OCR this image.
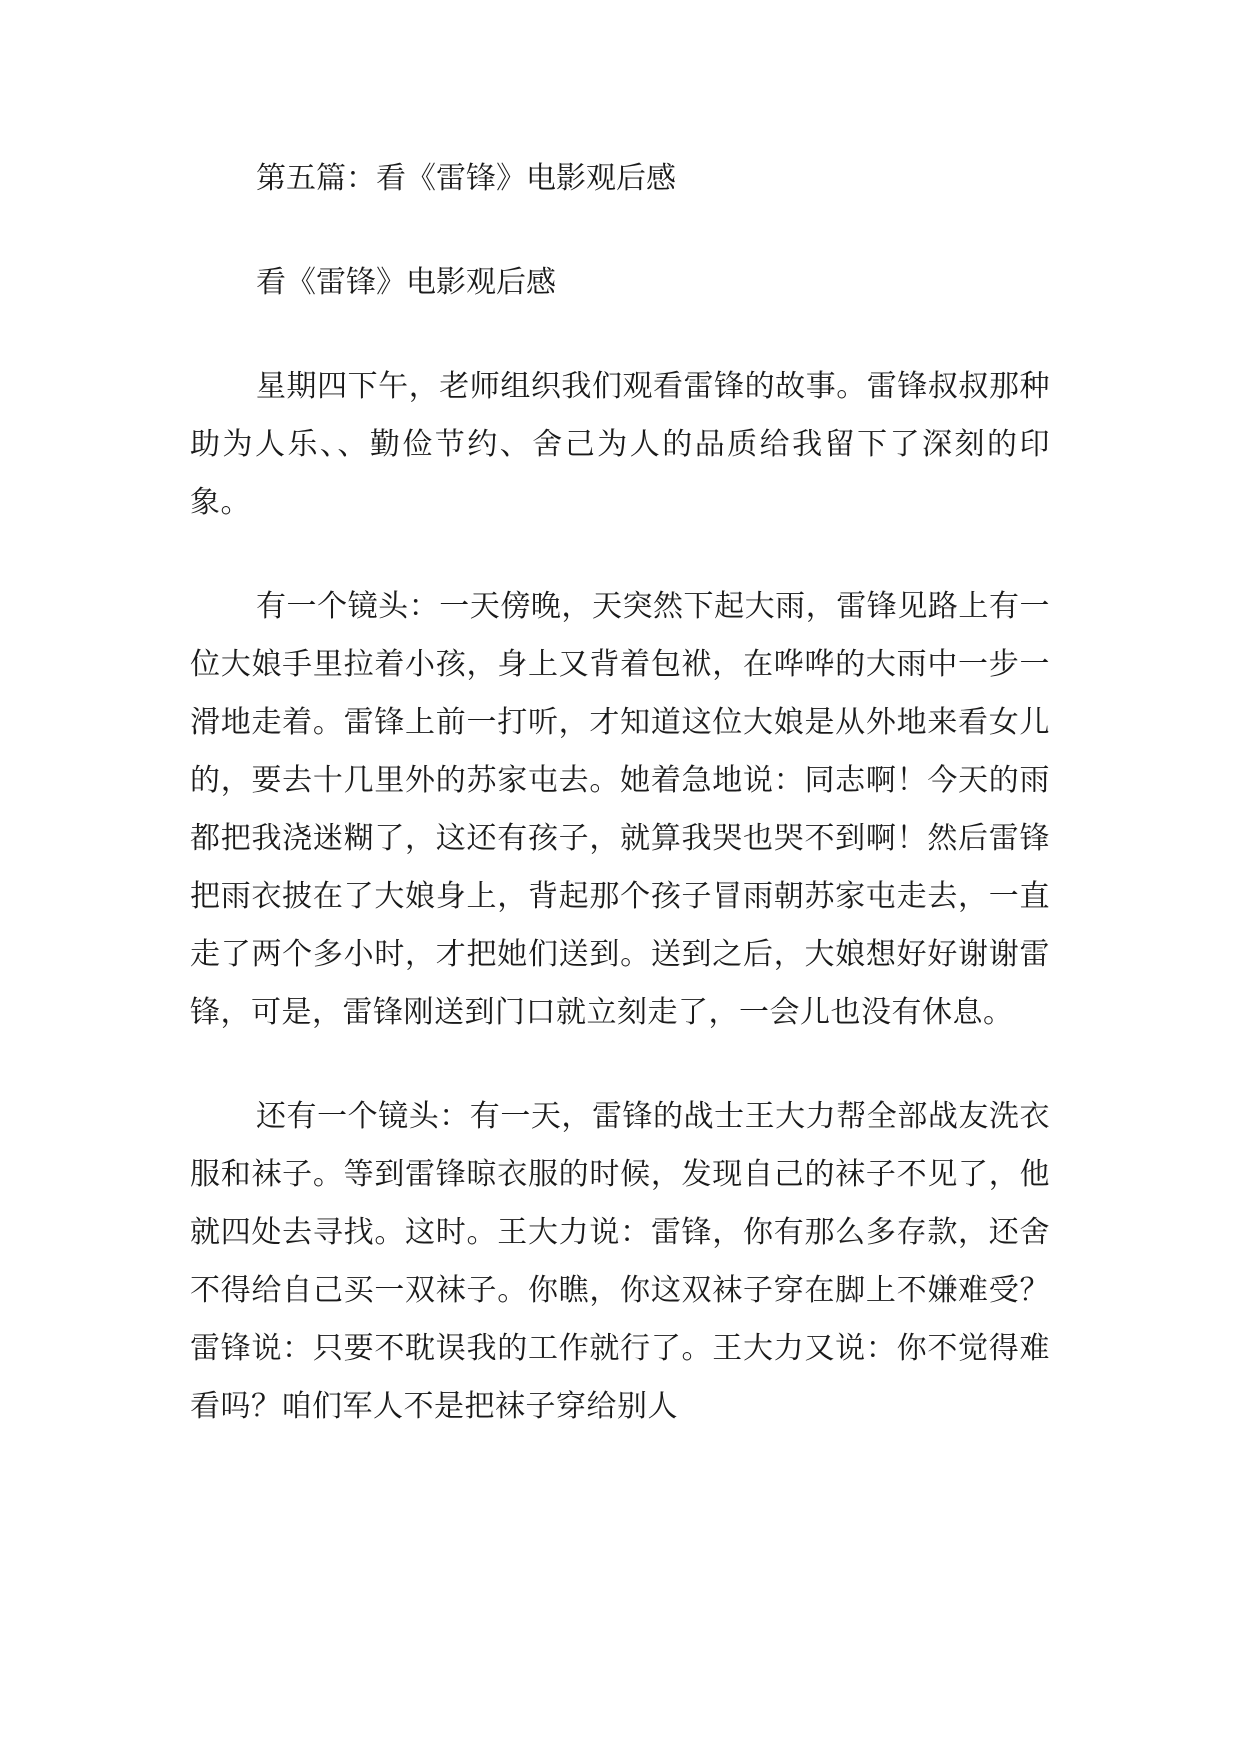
第五篇：看《雷锋》电影观后感
看《雷锋》电影观后感

星期四下午，老师组织我们观看雷锋的故事。雷锋叔叔那种助为人乐、、勤俭节约、舍己为人的品质给我留下了深刻的印象。

有一个镜头：一天傍晚，天突然下起大雨，雷锋见路上有一位大娘手里拉着小孩，身上又背着包袱，在哗哗的大雨中一步一滑地走着。雷锋上前一打听，才知道这位大娘是从外地来看女儿的，要去十几里外的苏家屯去。她着急地说：同志啊！今天的雨都把我浇迷糊了，这还有孩子，就算我哭也哭不到啊！然后雷锋把雨衣披在了大娘身上，背起那个孩子冒雨朝苏家屯走去，一直走了两个多小时，才把她们送到。送到之后，大娘想好好谢谢雷锋，可是，雷锋刚送到门口就立刻走了，一会儿也没有休息。

还有一个镜头：有一天，雷锋的战士王大力帮全部战友洗衣服和袜子。等到雷锋晾衣服的时候，发现自己的袜子不见了，他就四处去寻找。这时。王大力说：雷锋，你有那么多存款，还舍不得给自己买一双袜子。你瞧，你这双袜子穿在脚上不嫌难受？雷锋说：只要不耽误我的工作就行了。王大力又说：你不觉得难看吗？咱们军人不是把袜子穿给别人
